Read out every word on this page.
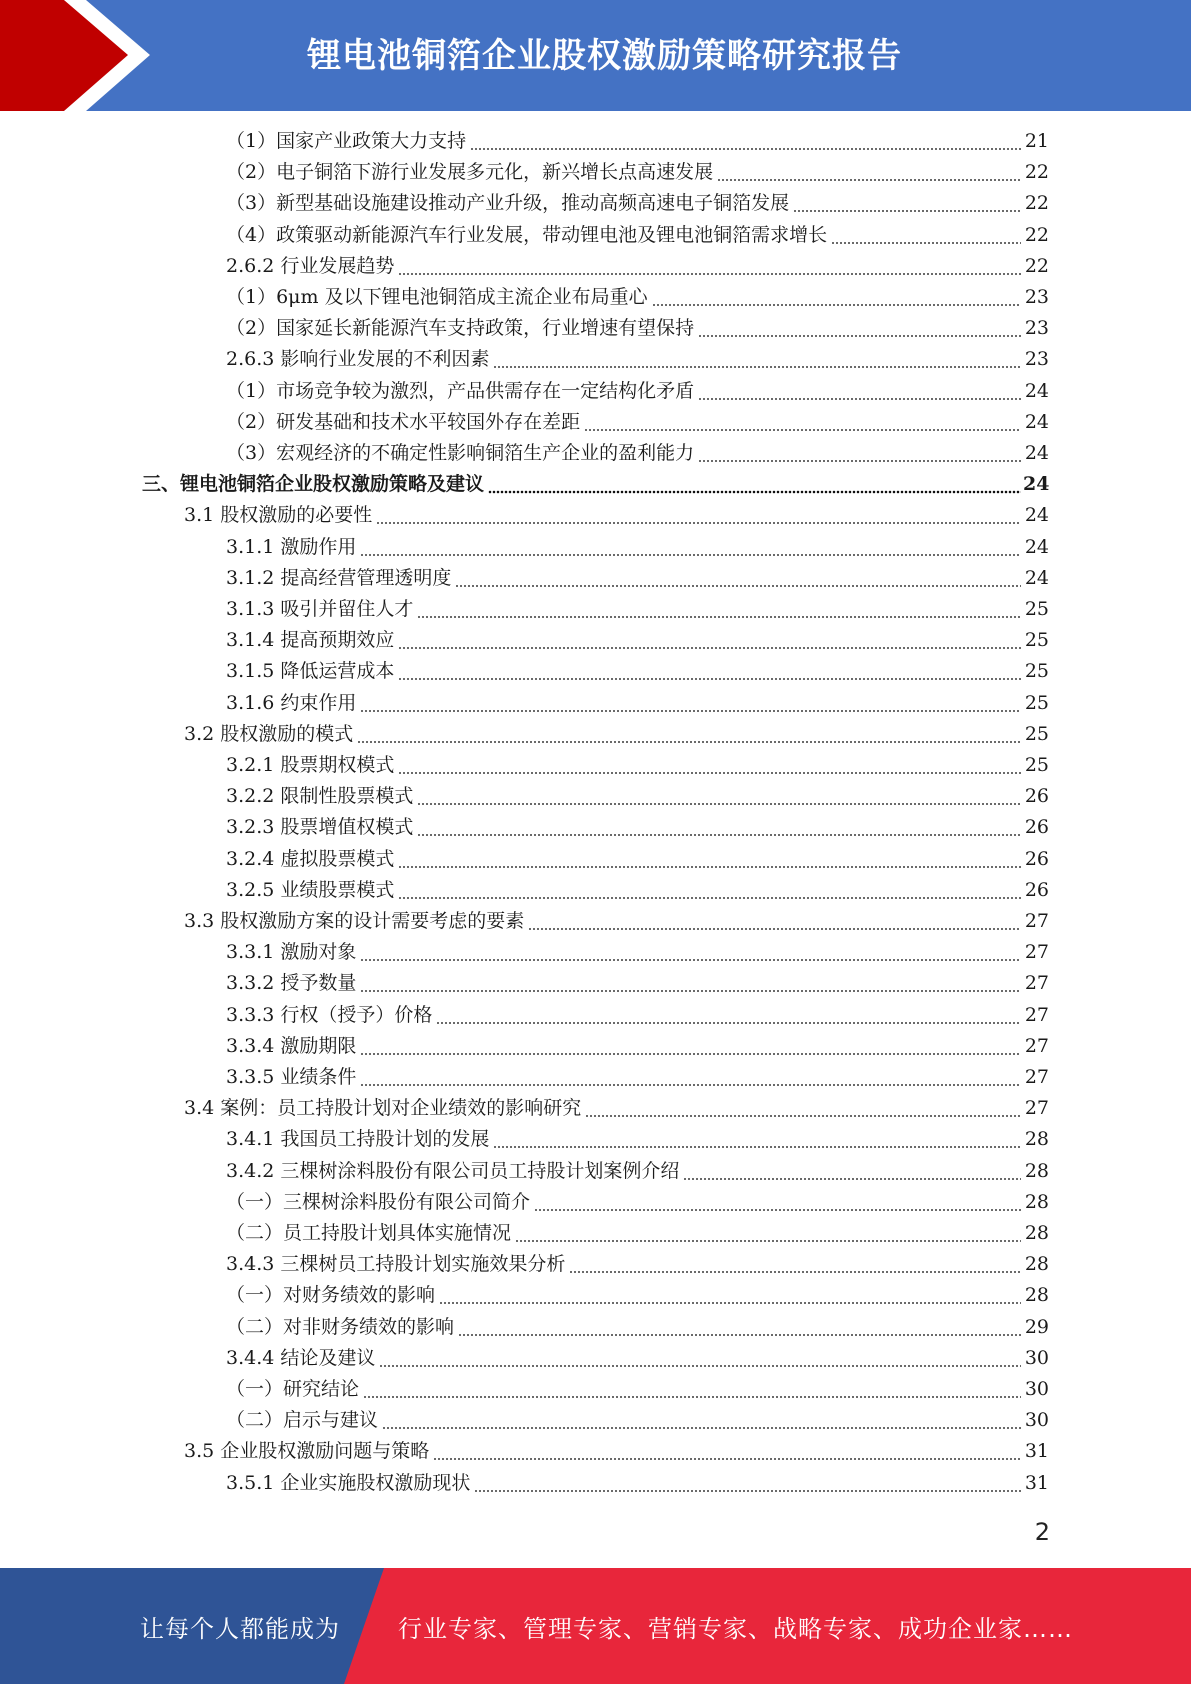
锂电池铜箔企业股权激励策略研究报告
（1）国家产业政策大力支持	21
（2）电子铜箔下游行业发展多元化，新兴增长点高速发展	22
（3）新型基础设施建设推动产业升级，推动高频高速电子铜箔发展	22
（4）政策驱动新能源汽车行业发展，带动锂电池及锂电池铜箔需求增长	22
2.6.2 行业发展趋势	22
（1）6μm 及以下锂电池铜箔成主流企业布局重心	23
（2）国家延长新能源汽车支持政策，行业增速有望保持	23
2.6.3 影响行业发展的不利因素	23
（1）市场竞争较为激烈，产品供需存在一定结构化矛盾	24
（2）研发基础和技术水平较国外存在差距	24
（3）宏观经济的不确定性影响铜箔生产企业的盈利能力	24
三、锂电池铜箔企业股权激励策略及建议	24
3.1 股权激励的必要性	24
3.1.1 激励作用	24
3.1.2 提高经营管理透明度	24
3.1.3 吸引并留住人才	25
3.1.4 提高预期效应	25
3.1.5 降低运营成本	25
3.1.6 约束作用	25
3.2 股权激励的模式	25
3.2.1 股票期权模式	25
3.2.2 限制性股票模式	26
3.2.3 股票增值权模式	26
3.2.4 虚拟股票模式	26
3.2.5 业绩股票模式	26
3.3 股权激励方案的设计需要考虑的要素	27
3.3.1 激励对象	27
3.3.2 授予数量	27
3.3.3 行权（授予）价格	27
3.3.4 激励期限	27
3.3.5 业绩条件	27
3.4 案例：员工持股计划对企业绩效的影响研究	27
3.4.1 我国员工持股计划的发展	28
3.4.2 三棵树涂料股份有限公司员工持股计划案例介绍	28
（一）三棵树涂料股份有限公司简介	28
（二）员工持股计划具体实施情况	28
3.4.3 三棵树员工持股计划实施效果分析	28
（一）对财务绩效的影响	28
（二）对非财务绩效的影响	29
3.4.4 结论及建议	30
（一）研究结论	30
（二）启示与建议	30
3.5 企业股权激励问题与策略	31
3.5.1 企业实施股权激励现状	31
2
让每个人都能成为 行业专家、管理专家、营销专家、战略专家、成功企业家……
